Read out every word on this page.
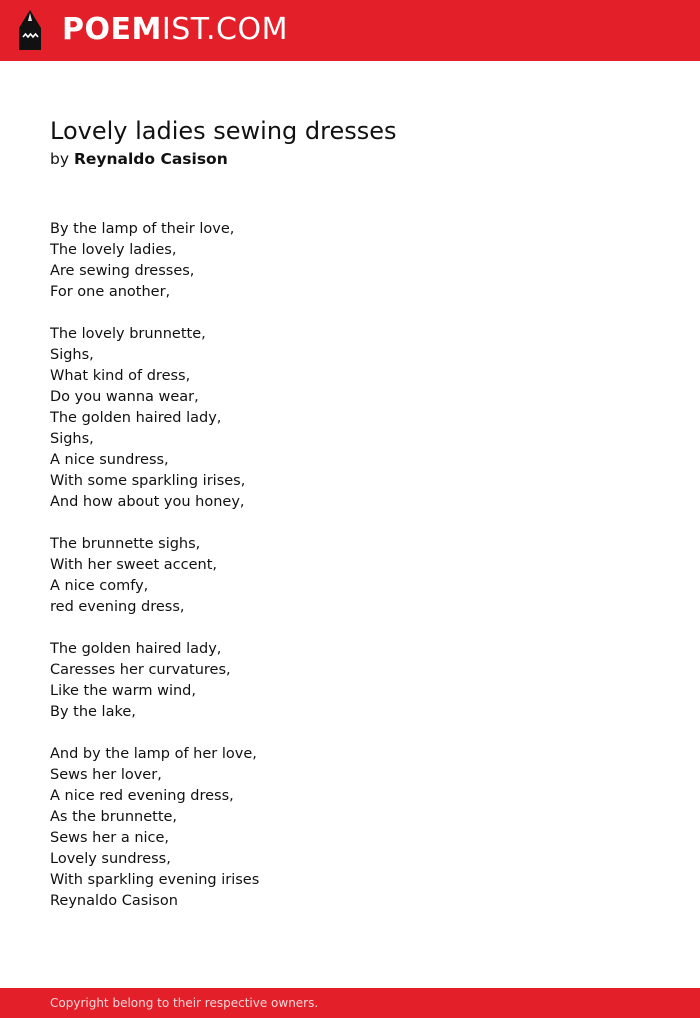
POEMIST.COM
Lovely ladies sewing dresses
by Reynaldo Casison
By the lamp of their love,
The lovely ladies,
Are sewing dresses,
For one another,
The lovely brunnette,
Sighs,
What kind of dress,
Do you wanna wear,
The golden haired lady,
Sighs,
A nice sundress,
With some sparkling irises,
And how about you honey,
The brunnette sighs,
With her sweet accent,
A nice comfy,
red evening dress,
The golden haired lady,
Caresses her curvatures,
Like the warm wind,
By the lake,
And by the lamp of her love,
Sews her lover,
A nice red evening dress,
As the brunnette,
Sews her a nice,
Lovely sundress,
With sparkling evening irises
Reynaldo Casison
Copyright belong to their respective owners.
